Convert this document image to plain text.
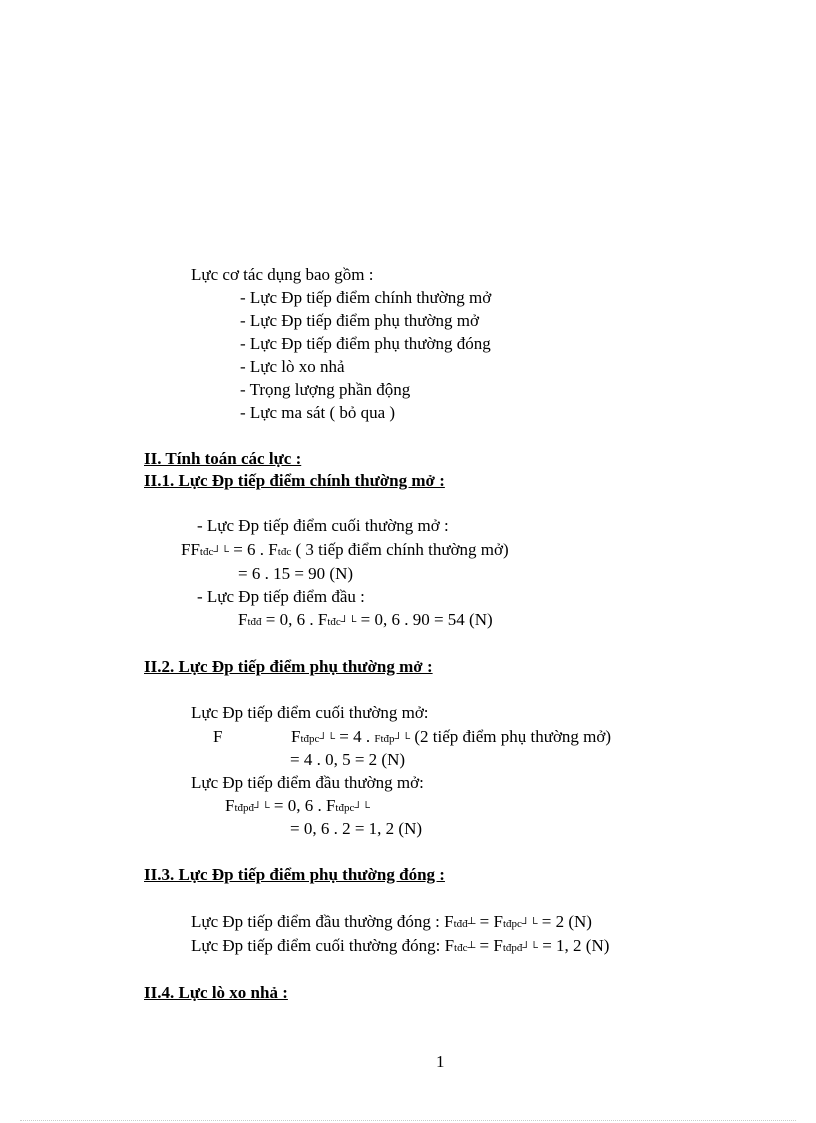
Lực cơ tác dụng bao gồm :
- Lực Đp tiếp điểm chính thường mở
- Lực Đp tiếp điểm phụ thường mở
- Lực Đp tiếp điểm phụ thường đóng
- Lực lò xo nhả
- Trọng lượng phần động
- Lực ma sát ( bỏ qua )
II. Tính toán các lực :
II.1. Lực Đp tiếp điểm chính thường mở :
- Lực Đp tiếp điểm cuối thường mở :
FFtđc┘└ = 6 . Ftđc ( 3 tiếp điểm chính thường mở)
= 6 . 15 = 90 (N)
- Lực Đp tiếp điểm đầu :
Ftđđ = 0, 6 . Ftđc┘└ = 0, 6 . 90 = 54 (N)
II.2. Lực Đp tiếp điểm phụ thường mở :
Lực Đp tiếp điểm cuối thường mở:
F	Ftđpc┘└ = 4 . Ftđp┘└ (2 tiếp điểm phụ thường mở)
= 4 . 0, 5 = 2 (N)
Lực Đp tiếp điểm đầu thường mở:
Ftđpđ┘└ = 0, 6 . Ftđpc┘└
= 0, 6 . 2 = 1, 2 (N)
II.3. Lực Đp tiếp điểm phụ thường đóng :
Lực Đp tiếp điểm đầu thường đóng : Ftđđ┴ = Ftđpc┘└ = 2 (N)
Lực Đp tiếp điểm cuối thường đóng: Ftđc┴ = Ftđpđ┘└ = 1, 2 (N)
II.4. Lực lò xo nhả :
1
